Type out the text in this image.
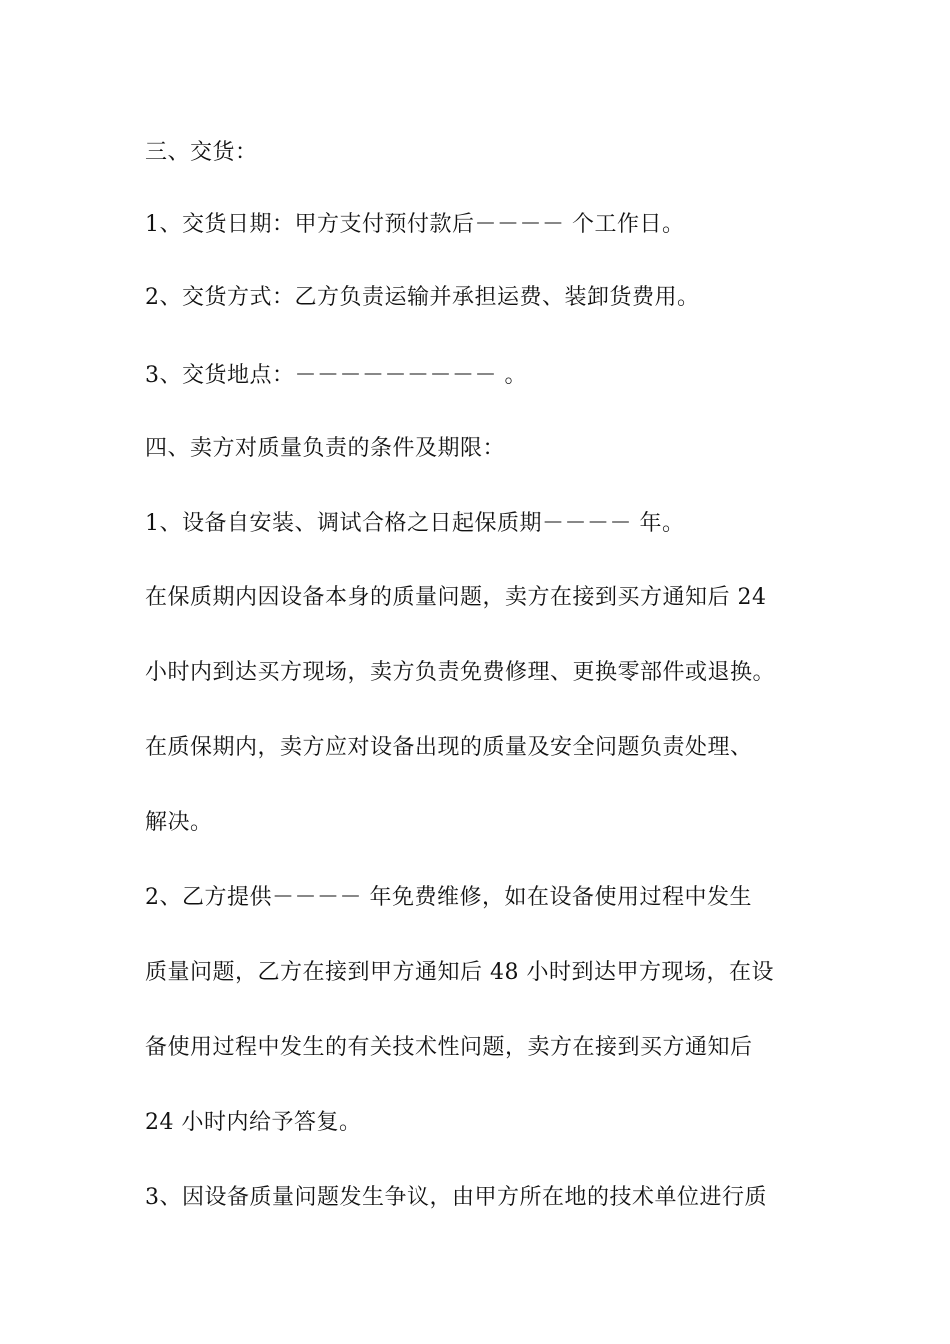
三、交货：
1、交货日期：甲方支付预付款后－－－－ 个工作日。
2、交货方式：乙方负责运输并承担运费、装卸货费用。
3、交货地点：－－－－－－－－－ 。
四、卖方对质量负责的条件及期限：
1、设备自安装、调试合格之日起保质期－－－－ 年。
在保质期内因设备本身的质量问题，卖方在接到买方通知后 24
小时内到达买方现场，卖方负责免费修理、更换零部件或退换。
在质保期内，卖方应对设备出现的质量及安全问题负责处理、
解决。
2、乙方提供－－－－ 年免费维修，如在设备使用过程中发生
质量问题，乙方在接到甲方通知后 48 小时到达甲方现场，在设
备使用过程中发生的有关技术性问题，卖方在接到买方通知后
24 小时内给予答复。
3、因设备质量问题发生争议，由甲方所在地的技术单位进行质
